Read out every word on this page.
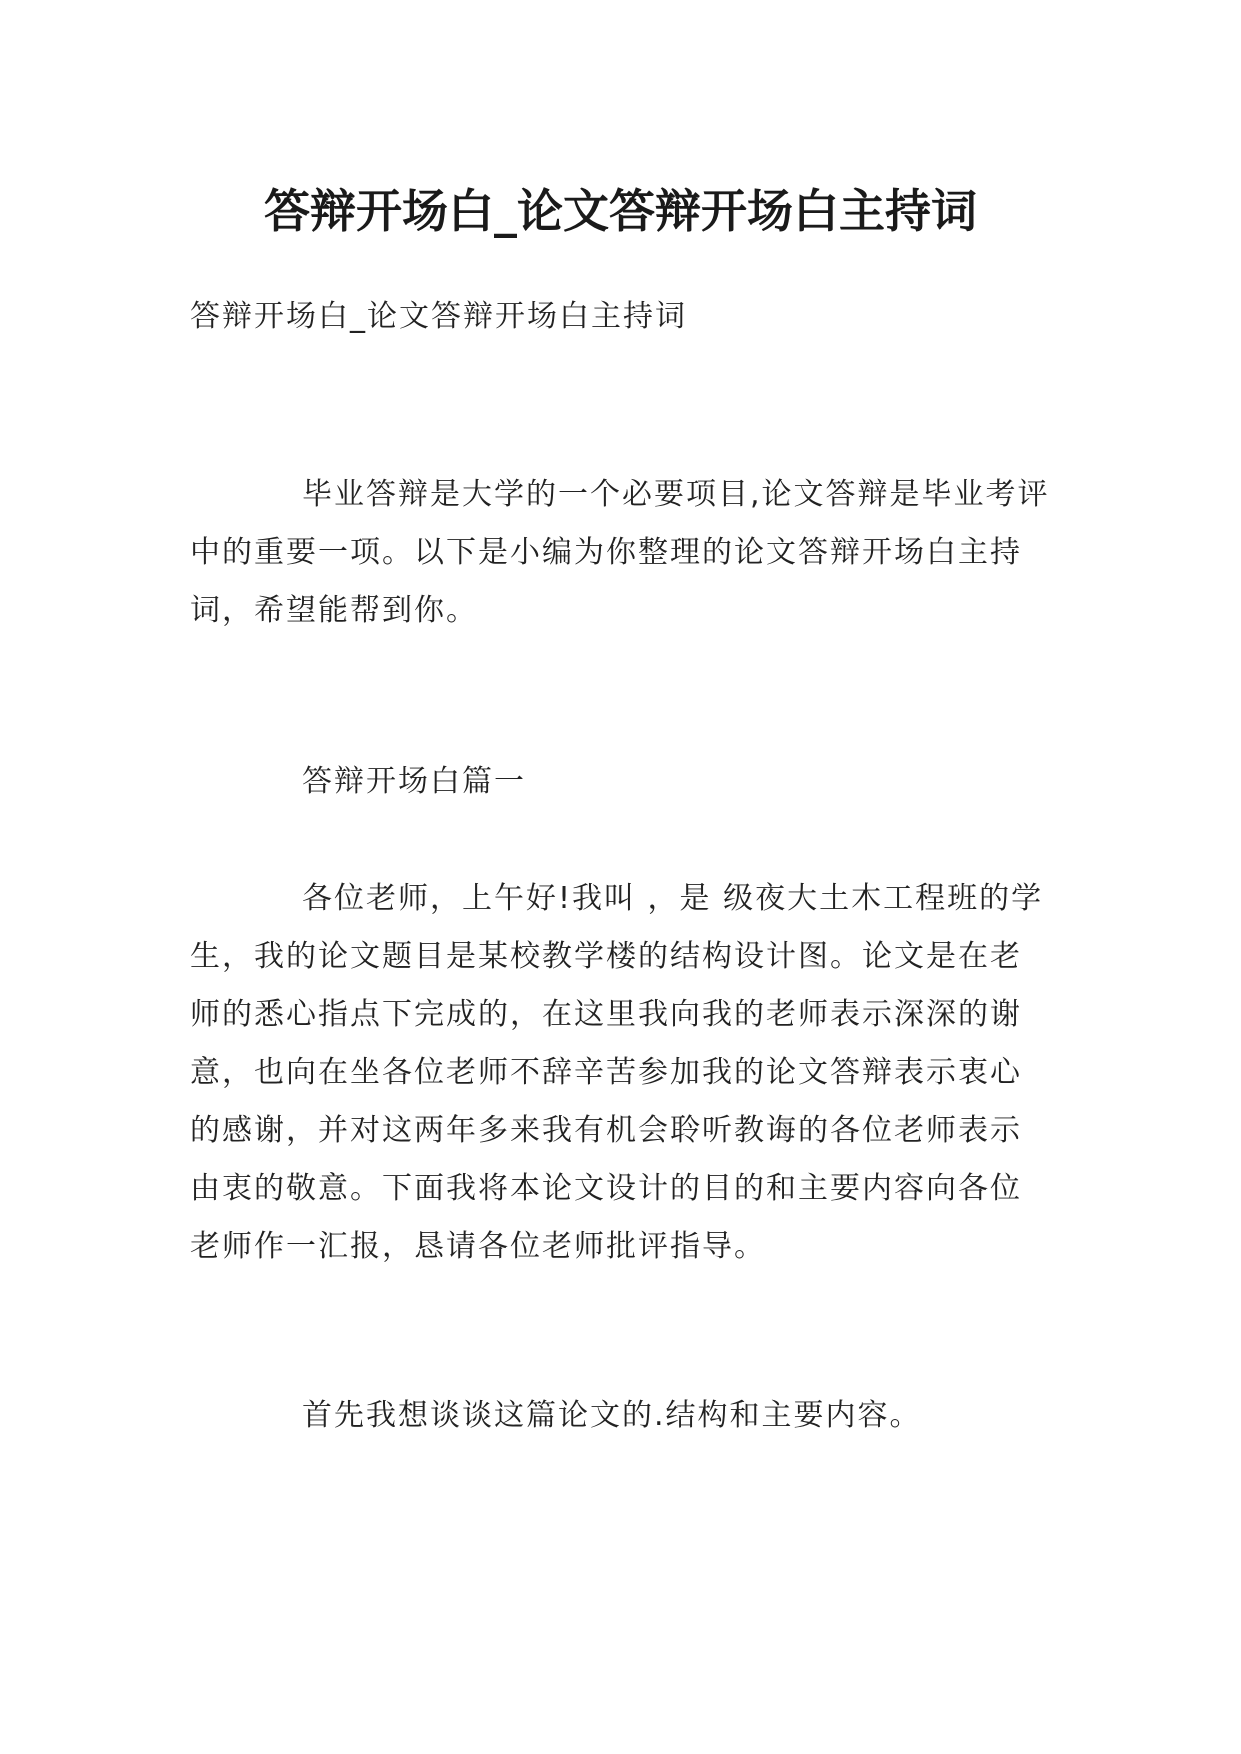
答辩开场白_论文答辩开场白主持词

答辩开场白_论文答辩开场白主持词

毕业答辩是大学的一个必要项目,论文答辩是毕业考评中的重要一项。以下是小编为你整理的论文答辩开场白主持词，希望能帮到你。

答辩开场白篇一

各位老师，上午好!我叫 ，是 级夜大土木工程班的学生，我的论文题目是某校教学楼的结构设计图。论文是在老师的悉心指点下完成的，在这里我向我的老师表示深深的谢意，也向在坐各位老师不辞辛苦参加我的论文答辩表示衷心的感谢，并对这两年多来我有机会聆听教诲的各位老师表示由衷的敬意。下面我将本论文设计的目的和主要内容向各位老师作一汇报，恳请各位老师批评指导。

首先我想谈谈这篇论文的.结构和主要内容。
